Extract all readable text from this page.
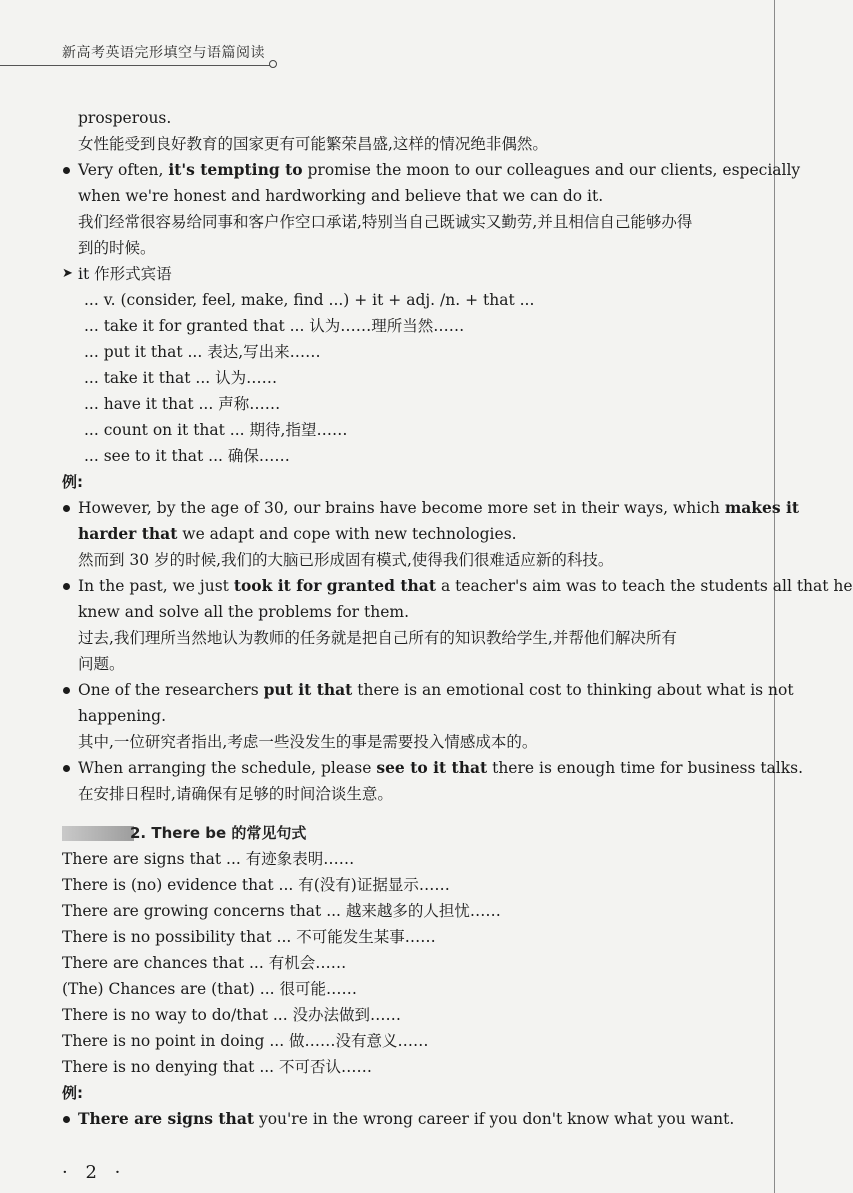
新高考英语完形填空与语篇阅读
prosperous.
女性能受到良好教育的国家更有可能繁荣昌盛,这样的情况绝非偶然。
Very often, it's tempting to promise the moon to our colleagues and our clients, especially
when we're honest and hardworking and believe that we can do it.
我们经常很容易给同事和客户作空口承诺,特别当自己既诚实又勤劳,并且相信自己能够办得
到的时候。
➤ it 作形式宾语
... v. (consider, feel, make, find ...) + it + adj. /n. + that ...
... take it for granted that ... 认为……理所当然……
... put it that ... 表达,写出来……
... take it that ... 认为……
... have it that ... 声称……
... count on it that ... 期待,指望……
... see to it that ... 确保……
例:
However, by the age of 30, our brains have become more set in their ways, which makes it
harder that we adapt and cope with new technologies.
然而到 30 岁的时候,我们的大脑已形成固有模式,使得我们很难适应新的科技。
In the past, we just took it for granted that a teacher's aim was to teach the students all that he
knew and solve all the problems for them.
过去,我们理所当然地认为教师的任务就是把自己所有的知识教给学生,并帮他们解决所有
问题。
One of the researchers put it that there is an emotional cost to thinking about what is not
happening.
其中,一位研究者指出,考虑一些没发生的事是需要投入情感成本的。
When arranging the schedule, please see to it that there is enough time for business talks.
在安排日程时,请确保有足够的时间洽谈生意。
2. There be 的常见句式
There are signs that ... 有迹象表明……
There is (no) evidence that ... 有(没有)证据显示……
There are growing concerns that ... 越来越多的人担忧……
There is no possibility that ... 不可能发生某事……
There are chances that ... 有机会……
(The) Chances are (that) ... 很可能……
There is no way to do/that ... 没办法做到……
There is no point in doing ... 做……没有意义……
There is no denying that ... 不可否认……
例:
There are signs that you're in the wrong career if you don't know what you want.
· 2 ·
